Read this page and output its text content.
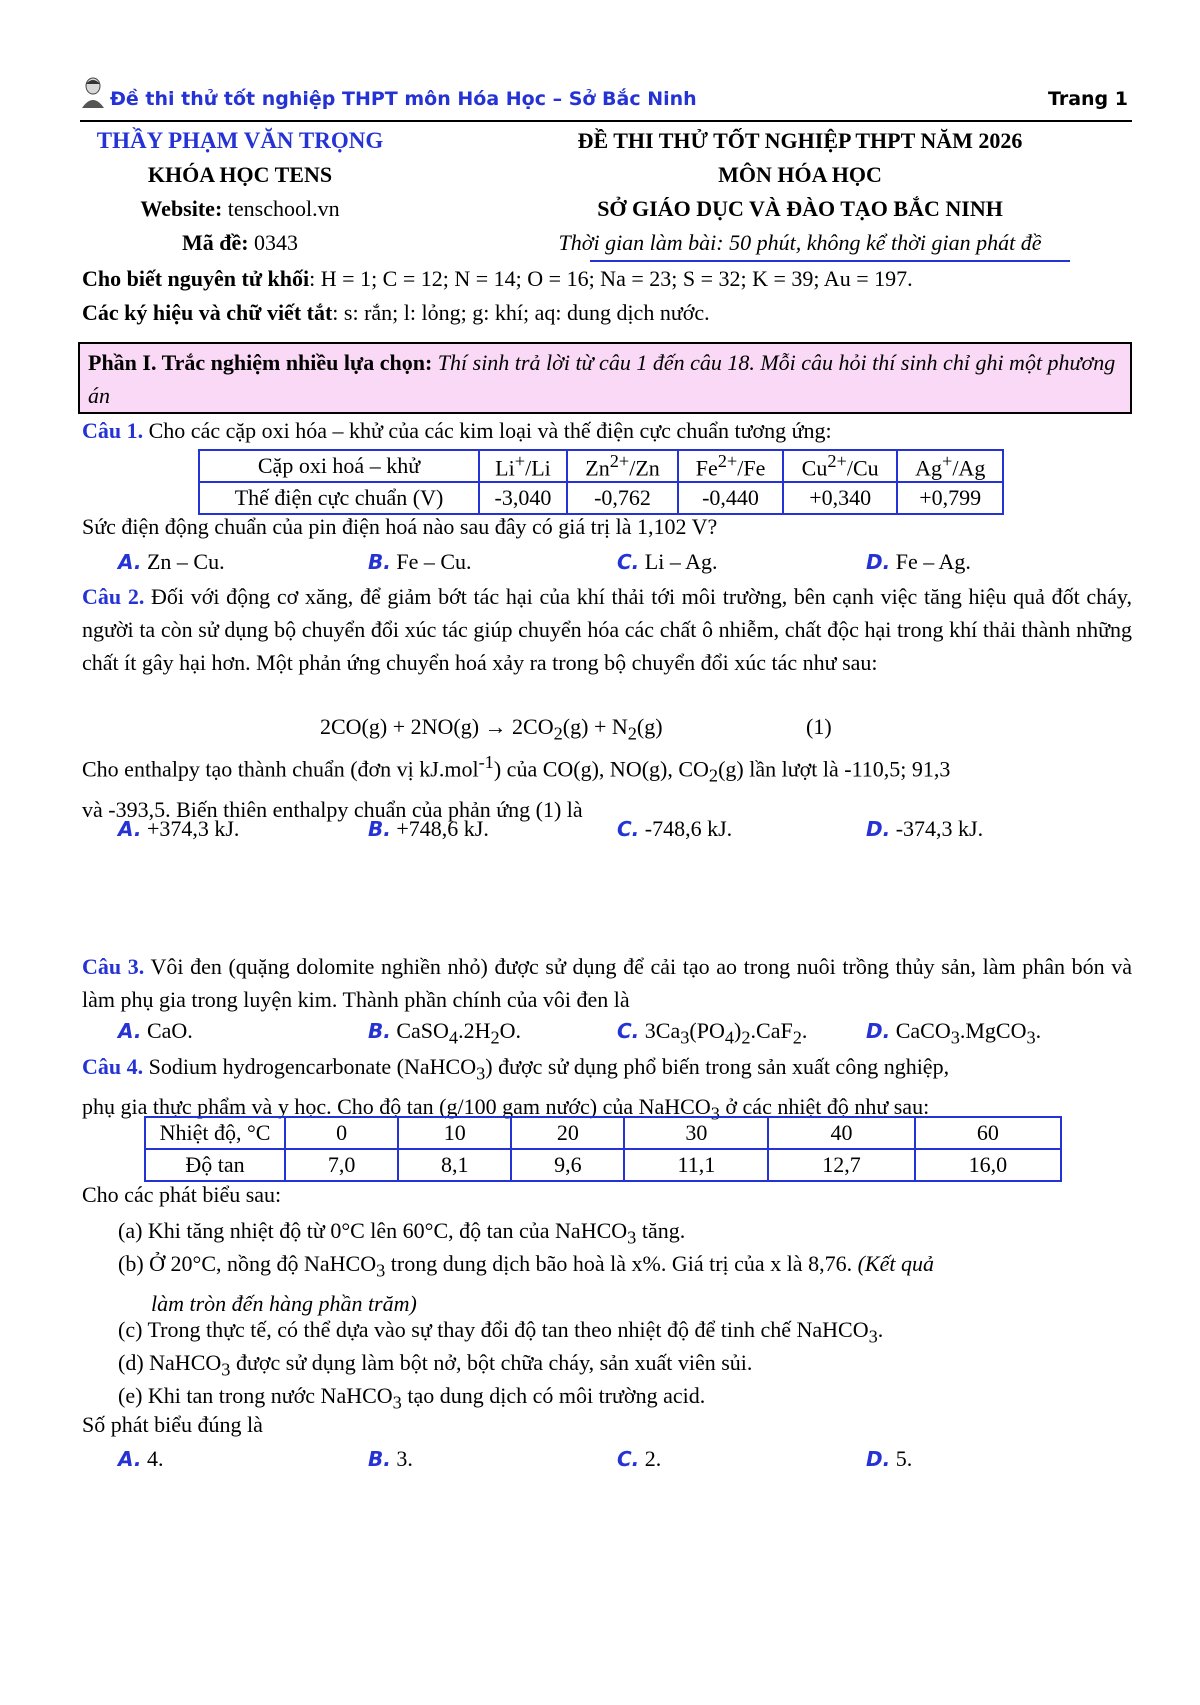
Đề thi thử tốt nghiệp THPT môn Hóa Học – Sở Bắc Ninh	Trang 1
THẦY PHẠM VĂN TRỌNG
KHÓA HỌC TENS
Website: tenschool.vn
Mã đề: 0343
ĐỀ THI THỬ TỐT NGHIỆP THPT NĂM 2026
MÔN HÓA HỌC
SỞ GIÁO DỤC VÀ ĐÀO TẠO BẮC NINH
Thời gian làm bài: 50 phút, không kể thời gian phát đề
Cho biết nguyên tử khối: H = 1; C = 12; N = 14; O = 16; Na = 23; S = 32; K = 39; Au = 197.
Các ký hiệu và chữ viết tắt: s: rắn; l: lỏng; g: khí; aq: dung dịch nước.
Phần I. Trắc nghiệm nhiều lựa chọn: Thí sinh trả lời từ câu 1 đến câu 18. Mỗi câu hỏi thí sinh chỉ ghi một phương án
Câu 1. Cho các cặp oxi hóa – khử của các kim loại và thế điện cực chuẩn tương ứng:
Cặp oxi hoá – khử	Li+/Li	$Zn^{2+}/Zn$	$Fe^{2+}/Fe$	$Cu^{2+}/Cu$	Ag+/Ag
Thế điện cực chuẩn (V)	-3,040	-0,762	-0,440	+0,340	+0,799
Sức điện động chuẩn của pin điện hoá nào sau đây có giá trị là 1,102 V?
A. Zn – Cu.	B. Fe – Cu.	C. Li – Ag.	D. Fe – Ag.
Câu 2. Đối với động cơ xăng, để giảm bớt tác hại của khí thải tới môi trường, bên cạnh việc tăng hiệu quả đốt cháy, người ta còn sử dụng bộ chuyển đổi xúc tác giúp chuyển hóa các chất ô nhiễm, chất độc hại trong khí thải thành những chất ít gây hại hơn. Một phản ứng chuyển hoá xảy ra trong bộ chuyển đổi xúc tác như sau:
$2CO(g) + 2NO(g) \to 2CO_2(g) + N_2(g)$	(1)
Cho enthalpy tạo thành chuẩn (đơn vị kJ.mol$^{-1}$) của CO(g), NO(g), $CO_2(g)$ lần lượt là -110,5; 91,3
và -393,5. Biến thiên enthalpy chuẩn của phản ứng (1) là
A. +374,3 kJ.	B. +748,6 kJ.	C. -748,6 kJ.	D. -374,3 kJ.
Câu 3. Vôi đen (quặng dolomite nghiền nhỏ) được sử dụng để cải tạo ao trong nuôi trồng thủy sản, làm phân bón và làm phụ gia trong luyện kim. Thành phần chính của vôi đen là
A. CaO.	B. $CaSO_4.2H_2O$.	C. $3Ca_3(PO_4)_2.CaF_2$.	D. CaCO$_3$.MgCO$_3$.
Câu 4. Sodium hydrogencarbonate (NaHCO$_3$) được sử dụng phổ biến trong sản xuất công nghiệp,
phụ gia thực phẩm và y học. Cho độ tan (g/100 gam nước) của NaHCO$_3$ ở các nhiệt độ như sau:
Nhiệt độ, °C	0	10	20	30	40	60
Độ tan	7,0	8,1	9,6	11,1	12,7	16,0
Cho các phát biểu sau:
(a) Khi tăng nhiệt độ từ 0°C lên 60°C, độ tan của NaHCO$_3$ tăng.
(b) Ở 20°C, nồng độ NaHCO$_3$ trong dung dịch bão hoà là x%. Giá trị của x là 8,76. (Kết quả
làm tròn đến hàng phần trăm)
(c) Trong thực tế, có thể dựa vào sự thay đổi độ tan theo nhiệt độ để tinh chế NaHCO$_3$.
(d) NaHCO$_3$ được sử dụng làm bột nở, bột chữa cháy, sản xuất viên sủi.
(e) Khi tan trong nước NaHCO$_3$ tạo dung dịch có môi trường acid.
Số phát biểu đúng là
A. 4.	B. 3.	C. 2.	D. 5.
